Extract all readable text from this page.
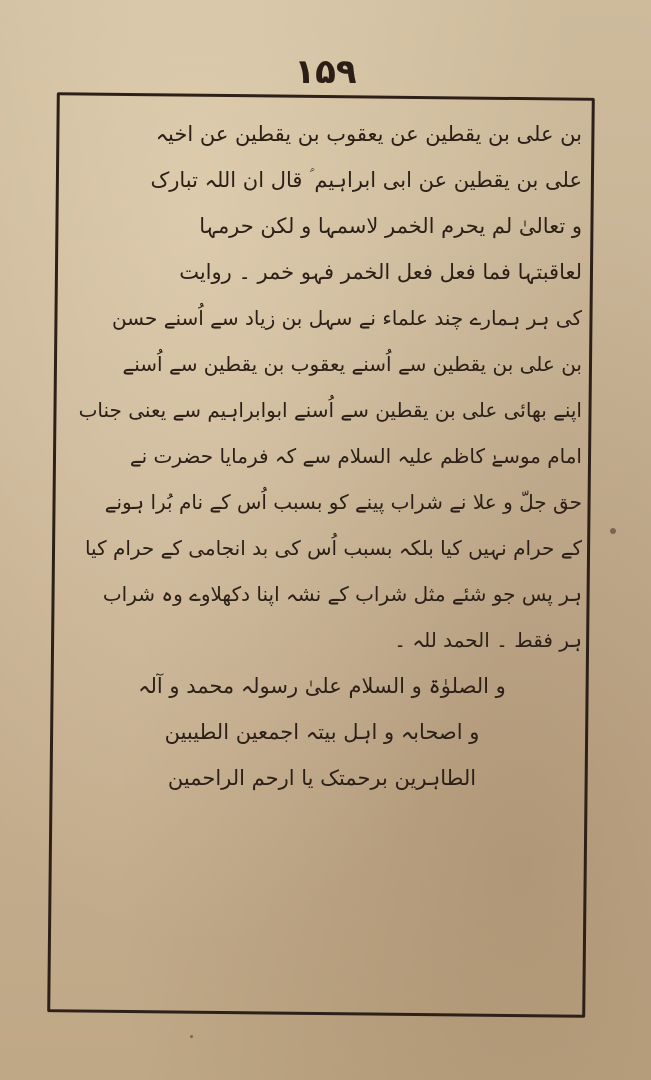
۱۵۹
بن علی بن یقطین عن یعقوب بن یقطین عن اخیہ
علی بن یقطین عن ابی ابراہیم ؑ قال ان اللہ تبارک
و تعالیٰ لم یحرم الخمر لاسمہا و لکن حرمہا
لعاقبتہا فما فعل فعل الخمر فہو خمر ۔ روایت
کی ہر ہمارے چند علماء نے سہل بن زیاد سے اُسنے حسن
بن علی بن یقطین سے اُسنے یعقوب بن یقطین سے اُسنے
اپنے بھائی علی بن یقطین سے اُسنے ابوابراہیم سے یعنی جناب
امام موسےٰ کاظم علیہ السلام سے کہ فرمایا حضرت نے
حق جلّ و علا نے شراب پینے کو بسبب اُس کے نام بُرا ہونے
کے حرام نہیں کیا بلکہ بسبب اُس کی بد انجامی کے حرام کیا
ہر پس جو شئے مثل شراب کے نشہ اپنا دکھلاوے وہ شراب
ہر فقط ۔ الحمد للہ ۔
و الصلوٰۃ و السلام علیٰ رسولہ محمد و آلہ
و اصحابہ و اہل بیتہ اجمعین الطیبین
الطاہرین برحمتک یا ارحم الراحمین
